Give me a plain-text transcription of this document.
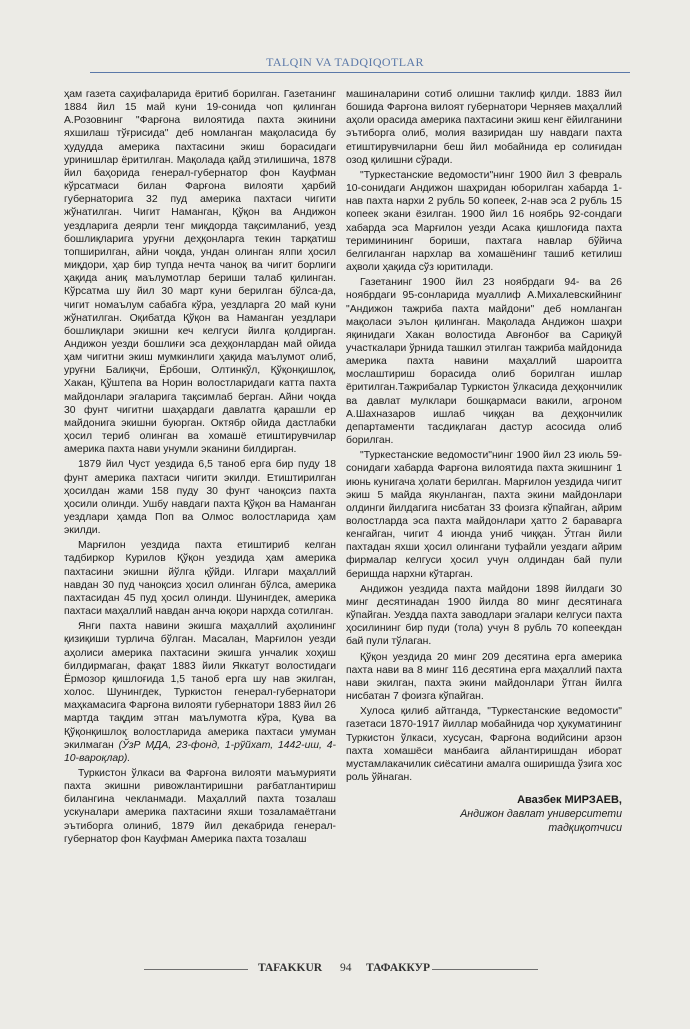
TALQIN VA TADQIQOTLAR

ҳам газета саҳифаларида ёритиб борилган. Газетанинг 1884 йил 15 май куни 19-сонида чоп қилинган А.Розовнинг "Фарғона вилоятида пахта экинини яхшилаш тўғрисида" деб номланган мақоласида бу ҳудудда америка пахтасини экиш борасидаги уринишлар ёритилган. Мақолада қайд этилишича, 1878 йил баҳорида генерал-губернатор фон Кауфман кўрсатмаси билан Фарғона вилояти ҳарбий губернаторига 32 пуд америка пахтаси чигити жўнатилган. Чигит Наманган, Қўқон ва Андижон уездларига деярли тенг миқдорда тақсимланиб, уезд бошлиқларига уруғни деҳқонларга текин тарқатиш топширилган, айни чоқда, ундан олинган ялпи ҳосил миқдори, ҳар бир тупда нечта чаноқ ва чигит борлиги ҳақида аниқ маълумотлар бериши талаб қилинган. Кўрсатма шу йил 30 март куни берилган бўлса-да, чигит номаълум сабабга кўра, уездларга 20 май куни жўнатилган. Оқибатда Қўқон ва Наманган уездлари бошлиқлари экишни кеч келгуси йилга қолдирган. Андижон уезди бошлиғи эса деҳқонлардан май ойида ҳам чигитни экиш мумкинлиги ҳақида маълумот олиб, уруғни Балиқчи, Ёрбоши, Олтинкўл, Қўқонқишлоқ, Хакан, Қўштепа ва Норин волостларидаги катта пахта майдонлари эгаларига тақсимлаб берган. Айни чоқда 30 фунт чигитни шаҳардаги давлатга қарашли ер майдонига экишни буюрган. Октябр ойида дастлабки ҳосил териб олинган ва хомашё етиштирувчилар америка пахта нави унумли эканини билдирган.

1879 йил Чуст уездида 6,5 таноб ерга бир пуду 18 фунт америка пахтаси чигити экилди. Етиштирилган ҳосилдан жами 158 пуду 30 фунт чаноқсиз пахта ҳосили олинди. Ушбу навдаги пахта Қўқон ва Наманган уездлари ҳамда Поп ва Олмос волостларида ҳам экилди.

Марғилон уездида пахта етиштириб келган тадбиркор Курилов Қўқон уездида ҳам америка пахтасини экишни йўлга қўйди. Илгари маҳаллий навдан 30 пуд чаноқсиз ҳосил олинган бўлса, америка пахтасидан 45 пуд ҳосил олинди. Шунингдек, америка пахтаси маҳаллий навдан анча юқори нархда сотилган.

Янги пахта навини экишга маҳаллий аҳолининг қизиқиши турлича бўлган. Масалан, Марғилон уезди аҳолиси америка пахтасини экишга унчалик хоҳиш билдирмаган, фақат 1883 йили Яккатут волостидаги Ёрмозор қишлоғида 1,5 таноб ерга шу нав экилган, холос. Шунингдек, Туркистон генерал-губернатори маҳкамасига Фарғона вилояти губернатори 1883 йил 26 мартда тақдим этган маълумотга кўра, Қува ва Қўқонқишлоқ волостларида америка пахтаси умуман экилмаган (ЎзР МДА, 23-фонд, 1-рўйхат, 1442-иш, 4-10-вароқлар).

Туркистон ўлкаси ва Фарғона вилояти маъмурияти пахта экишни ривожлантиришни рағбатлантириш билангина чекланмади. Маҳаллий пахта тозалаш ускуналари америка пахтасини яхши тозаламаётгани эътиборга олиниб, 1879 йил декабрида генерал-губернатор фон Кауфман Америка пахта тозалаш

машиналарини сотиб олишни таклиф қилди. 1883 йил бошида Фарғона вилоят губернатори Черняев маҳаллий аҳоли орасида америка пахтасини экиш кенг ёйилганини эътиборга олиб, молия вазиридан шу навдаги пахта етиштирувчиларни беш йил мобайнида ер солиғидан озод қилишни сўради.

"Туркестанские ведомости"нинг 1900 йил 3 февраль 10-сонидаги Андижон шаҳридан юборилган хабарда 1-нав пахта нархи 2 рубль 50 копеек, 2-нав эса 2 рубль 15 копеек экани ёзилган. 1900 йил 16 ноябрь 92-сондаги хабарда эса Марғилон уезди Асака қишлоғида пахта териминининг бориши, пахтага навлар бўйича белгиланган нархлар ва хомашёнинг ташиб кетилиш аҳволи ҳақида сўз юритилади.

Газетанинг 1900 йил 23 ноябрдаги 94- ва 26 ноябрдаги 95-сонларида муаллиф А.Михалевскийнинг "Андижон тажриба пахта майдони" деб номланган мақоласи эълон қилинган. Мақолада Андижон шаҳри яқинидаги Хакан волостида Авғонбоғ ва Сариқуй участкалари ўрнида ташкил этилган тажриба майдонида америка пахта навини маҳаллий шароитга мослаштириш борасида олиб борилган ишлар ёритилган.Тажрибалар Туркистон ўлкасида деҳқончилик ва давлат мулклари бошқармаси вакили, агроном А.Шахназаров ишлаб чиққан ва деҳқончилик департаменти тасдиқлаган дастур асосида олиб борилган.

"Туркестанские ведомости"нинг 1900 йил 23 июль 59-сонидаги хабарда Фарғона вилоятида пахта экишнинг 1 июнь кунигача ҳолати берилган. Марғилон уездида чигит экиш 5 майда якунланган, пахта экини майдонлари олдинги йилдагига нисбатан 33 фоизга кўпайган, айрим волостларда эса пахта майдонлари ҳатто 2 бараварга кенгайган, чигит 4 июнда униб чиққан. Ўтган йили пахтадан яхши ҳосил олингани туфайли уездаги айрим фирмалар келгуси ҳосил учун олдиндан бай пули беришда нархни кўтарган.

Андижон уездида пахта майдони 1898 йилдаги 30 минг десятинадан 1900 йилда 80 минг десятинага кўпайган. Уездда пахта заводлари эгалари келгуси пахта ҳосилининг бир пуди (тола) учун 8 рубль 70 копеекдан бай пули тўлаган.

Қўқон уездида 20 минг 209 десятина ерга америка пахта нави ва 8 минг 116 десятина ерга маҳаллий пахта нави экилган, пахта экини майдонлари ўтган йилга нисбатан 7 фоизга кўпайган.

Хулоса қилиб айтганда, "Туркестанские ведомости" газетаси 1870-1917 йиллар мобайнида чор ҳукуматининг Туркистон ўлкаси, хусусан, Фарғона водийсини арзон пахта хомашёси манбаига айлантиришдан иборат мустамлакачилик сиёсатини амалга оширишда ўзига хос роль ўйнаган.

Авазбек МИРЗАЕВ,
Андижон давлат университети
тадқиқотчиси
TAFAKKUR 94 ТАФАККУР
